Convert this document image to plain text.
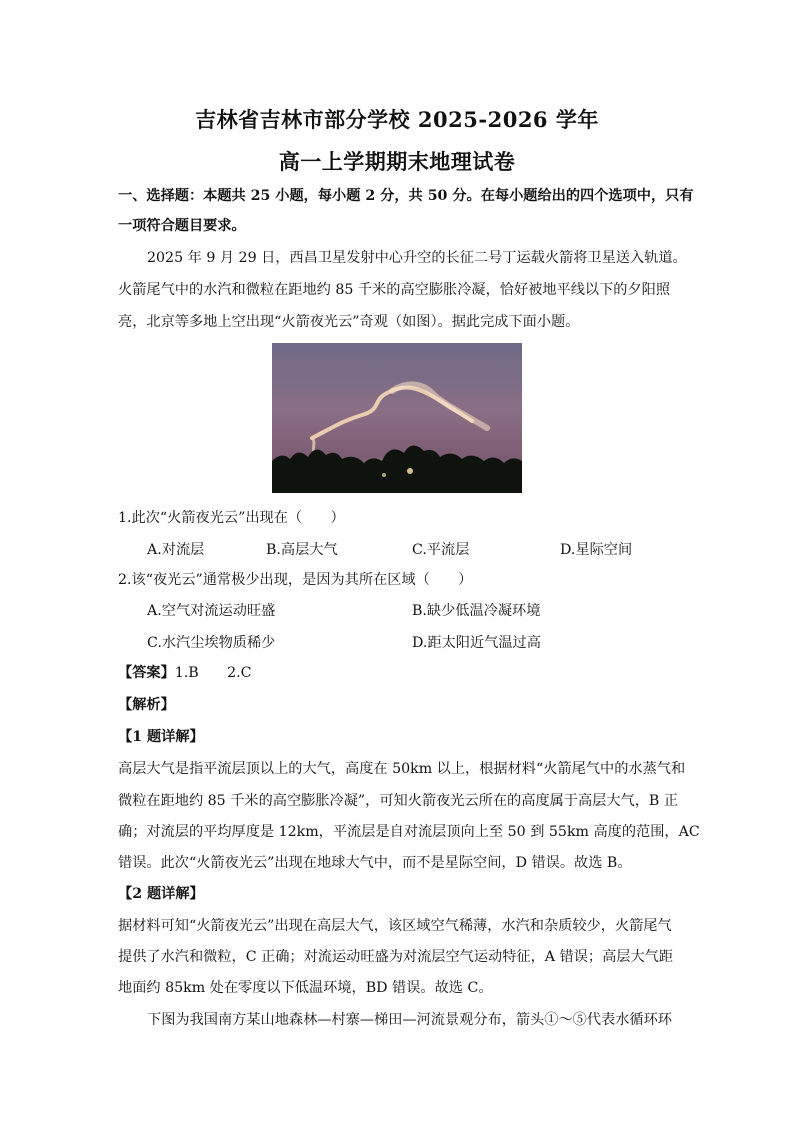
吉林省吉林市部分学校 2025-2026 学年
高一上学期期末地理试卷
一、选择题：本题共 25 小题，每小题 2 分，共 50 分。在每小题给出的四个选项中，只有
一项符合题目要求。
2025 年 9 月 29 日，西昌卫星发射中心升空的长征二号丁运载火箭将卫星送入轨道。
火箭尾气中的水汽和微粒在距地约 85 千米的高空膨胀冷凝，恰好被地平线以下的夕阳照
亮，北京等多地上空出现“火箭夜光云”奇观（如图）。据此完成下面小题。
1.此次“火箭夜光云”出现在（　　）
A.对流层	B.高层大气	C.平流层	D.星际空间
2.该“夜光云”通常极少出现，是因为其所在区域（　　）
A.空气对流运动旺盛	B.缺少低温冷凝环境
C.水汽尘埃物质稀少	D.距太阳近气温过高
【答案】1.B　　2.C
【解析】
【1 题详解】
高层大气是指平流层顶以上的大气，高度在 50km 以上，根据材料“火箭尾气中的水蒸气和
微粒在距地约 85 千米的高空膨胀冷凝”，可知火箭夜光云所在的高度属于高层大气，B 正
确；对流层的平均厚度是 12km，平流层是自对流层顶向上至 50 到 55km 高度的范围，AC
错误。此次“火箭夜光云”出现在地球大气中，而不是星际空间，D 错误。故选 B。
【2 题详解】
据材料可知“火箭夜光云”出现在高层大气，该区域空气稀薄，水汽和杂质较少，火箭尾气
提供了水汽和微粒，C 正确；对流运动旺盛为对流层空气运动特征，A 错误；高层大气距
地面约 85km 处在零度以下低温环境，BD 错误。故选 C。
下图为我国南方某山地森林—村寨—梯田—河流景观分布，箭头①～⑤代表水循环环
